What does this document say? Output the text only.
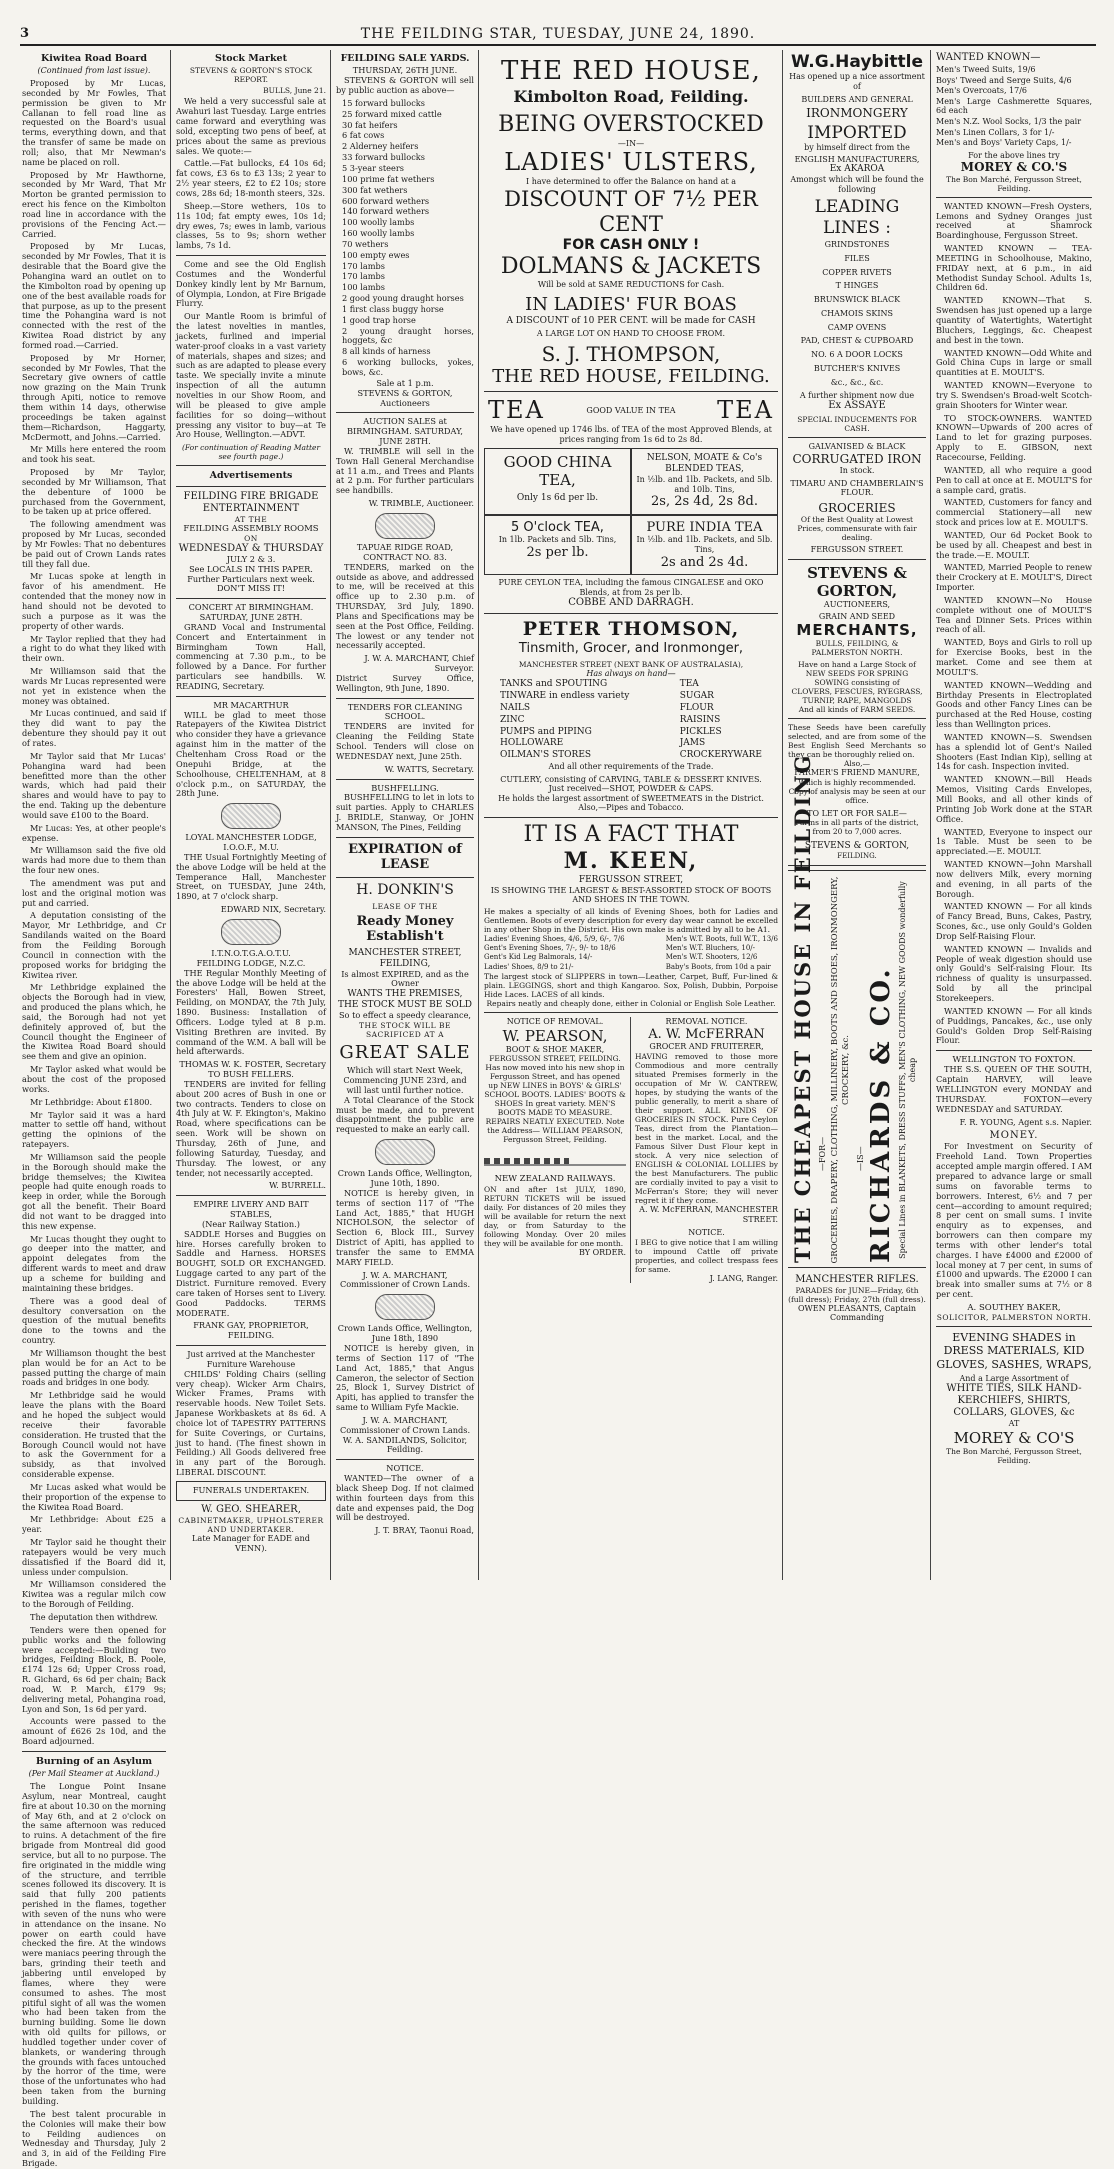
3	THE FEILDING STAR, TUESDAY, JUNE 24, 1890.
Kiwitea Road Board
(Continued from last issue).
Proposed by Mr Lucas, seconded by Mr Fowles, That permission be given to Mr Callanan to fell road line as requested on the Board's usual terms, everything down, and that the transfer of same be made on roll; also, that Mr Newman's name be placed on roll.
Proposed by Mr Hawthorne, seconded by Mr Ward, That Mr Morton be granted permission to erect his fence on the Kimbolton road line in accordance with the provisions of the Fencing Act.—Carried.
Proposed by Mr Lucas, seconded by Mr Fowles, That it is desirable that the Board give the Pohangina ward an outlet on to the Kimbolton road by opening up one of the best available roads for that purpose, as up to the present time the Pohangina ward is not connected with the rest of the Kiwitea Road district by any formed road.—Carried.
Proposed by Mr Horner, seconded by Mr Fowles, That the Secretary give owners of cattle now grazing on the Main Trunk through Apiti, notice to remove them within 14 days, otherwise proceedings be taken against them—Richardson, Haggarty, McDermott, and Johns.—Carried.
Mr Mills here entered the room and took his seat.
Proposed by Mr Taylor, seconded by Mr Williamson, That the debenture of 1000 be purchased from the Government, to be taken up at price offered.
The following amendment was proposed by Mr Lucas, seconded by Mr Fowles: That no debentures be paid out of Crown Lands rates till they fall due.
Mr Lucas spoke at length in favor of his amendment. He contended that the money now in hand should not be devoted to such a purpose as it was the property of other wards.
Mr Taylor replied that they had a right to do what they liked with their own.
Mr Williamson said that the wards Mr Lucas represented were not yet in existence when the money was obtained.
Mr Lucas continued, and said if they did want to pay the debenture they should pay it out of rates.
Mr Taylor said that Mr Lucas' Pohangina ward had been benefitted more than the other wards, which had paid their shares and would have to pay to the end. Taking up the debenture would save £100 to the Board.
Mr Lucas: Yes, at other people's expense.
Mr Williamson said the five old wards had more due to them than the four new ones.
The amendment was put and lost and the original motion was put and carried.
A deputation consisting of the Mayor, Mr Lethbridge, and Cr Sandilands waited on the Board from the Feilding Borough Council in connection with the proposed works for bridging the Kiwitea river.
Mr Lethbridge explained the objects the Borough had in view, and produced the plans which, he said, the Borough had not yet definitely approved of, but the Council thought the Engineer of the Kiwitea Road Board should see them and give an opinion.
Mr Taylor asked what would be about the cost of the proposed works.
Mr Lethbridge: About £1800.
Mr Taylor said it was a hard matter to settle off hand, without getting the opinions of the ratepayers.
Mr Williamson said the people in the Borough should make the bridge themselves; the Kiwitea people had quite enough roads to keep in order, while the Borough got all the benefit. Their Board did not want to be dragged into this new expense.
Mr Lucas thought they ought to go deeper into the matter, and appoint delegates from the different wards to meet and draw up a scheme for building and maintaining these bridges.
There was a good deal of desultory conversation on the question of the mutual benefits done to the towns and the country.
Mr Williamson thought the best plan would be for an Act to be passed putting the charge of main roads and bridges in one body.
Mr Lethbridge said he would leave the plans with the Board and he hoped the subject would receive their favorable consideration. He trusted that the Borough Council would not have to ask the Government for a subsidy, as that involved considerable expense.
Mr Lucas asked what would be their proportion of the expense to the Kiwitea Road Board.
Mr Lethbridge: About £25 a year.
Mr Taylor said he thought their ratepayers would be very much dissatisfied if the Board did it, unless under compulsion.
Mr Williamson considered the Kiwitea was a regular milch cow to the Borough of Feilding.
The deputation then withdrew.
Tenders were then opened for public works and the following were accepted:—Building two bridges, Feilding Block, B. Poole, £174 12s 6d; Upper Cross road, R. Gichard, 6s 6d per chain; Back road, W. P. March, £179 9s; delivering metal, Pohangina road, Lyon and Son, 1s 6d per yard.
Accounts were passed to the amount of £626 2s 10d, and the Board adjourned.
Burning of an Asylum
(Per Mail Steamer at Auckland.)
The Longue Point Insane Asylum, near Montreal, caught fire at about 10.30 on the morning of May 6th, and at 2 o'clock on the same afternoon was reduced to ruins. A detachment of the fire brigade from Montreal did good service, but all to no purpose. The fire originated in the middle wing of the structure, and terrible scenes followed its discovery. It is said that fully 200 patients perished in the flames, together with seven of the nuns who were in attendance on the insane. No power on earth could have checked the fire. At the windows were maniacs peering through the bars, grinding their teeth and jabbering until enveloped by flames, where they were consumed to ashes. The most pitiful sight of all was the women who had been taken from the burning building. Some lie down with old quilts for pillows, or huddled together under cover of blankets, or wandering through the grounds with faces untouched by the horror of the time, were those of the unfortunates who had been taken from the burning building.
The best talent procurable in the Colonies will make their bow to Feilding audiences on Wednesday and Thursday, July 2 and 3, in aid of the Feilding Fire Brigade.
Stock Market
STEVENS & GORTON'S STOCK REPORT.
BULLS, June 21.
We held a very successful sale at Awahuri last Tuesday. Large entries came forward and everything was sold, excepting two pens of beef, at prices about the same as previous sales. We quote:—
Cattle.—Fat bullocks, £4 10s 6d; fat cows, £3 6s to £3 13s; 2 year to 2½ year steers, £2 to £2 10s; store cows, 28s 6d; 18-month steers, 32s.
Sheep.—Store wethers, 10s to 11s 10d; fat empty ewes, 10s 1d; dry ewes, 7s; ewes in lamb, various classes, 5s to 9s; shorn wether lambs, 7s 1d.
Come and see the Old English Costumes and the Wonderful Donkey kindly lent by Mr Barnum, of Olympia, London, at Fire Brigade Flurry.
Our Mantle Room is brimful of the latest novelties in mantles, jackets, furlined and imperial water-proof cloaks in a vast variety of materials, shapes and sizes; and such as are adapted to please every taste. We specially invite a minute inspection of all the autumn novelties in our Show Room, and will be pleased to give ample facilities for so doing—without pressing any visitor to buy—at Te Aro House, Wellington.—ADVT.
(For continuation of Reading Matter see fourth page.)
Advertisements
FEILDING FIRE BRIGADE ENTERTAINMENT
AT THE
FEILDING ASSEMBLY ROOMS
ON
WEDNESDAY & THURSDAY
JULY 2 & 3.
See LOCALS IN THIS PAPER.
Further Particulars next week.
DON'T MISS IT!
CONCERT AT BIRMINGHAM. SATURDAY, JUNE 28TH.
GRAND Vocal and Instrumental Concert and Entertainment in Birmingham Town Hall, commencing at 7.30 p.m., to be followed by a Dance. For further particulars see handbills. W. READING, Secretary.
MR MACARTHUR
WILL be glad to meet those Ratepayers of the Kiwitea District who consider they have a grievance against him in the matter of the Cheltenham Cross Road or the Onepuhi Bridge, at the Schoolhouse, CHELTENHAM, at 8 o'clock p.m., on SATURDAY, the 28th June.
LOYAL MANCHESTER LODGE, I.O.O.F., M.U.
THE Usual Fortnightly Meeting of the above Lodge will be held at the Temperance Hall, Manchester Street, on TUESDAY, June 24th, 1890, at 7 o'clock sharp.
EDWARD NIX, Secretary.
I.T.N.O.T.G.A.O.T.U.
FEILDING LODGE, N.Z.C.
THE Regular Monthly Meeting of the above Lodge will be held at the Foresters' Hall, Bowen Street, Feilding, on MONDAY, the 7th July, 1890. Business: Installation of Officers. Lodge tyled at 8 p.m. Visiting Brethren are invited. By command of the W.M. A ball will be held afterwards.
THOMAS W. K. FOSTER, Secretary
TO BUSH FELLERS.
TENDERS are invited for felling about 200 acres of Bush in one or two contracts. Tenders to close on 4th July at W. F. Ekington's, Makino Road, where specifications can be seen. Work will be shown on Thursday, 26th of June, and following Saturday, Tuesday, and Thursday. The lowest, or any tender, not necessarily accepted.
W. BURRELL.
EMPIRE LIVERY AND BAIT STABLES,
(Near Railway Station.)
SADDLE Horses and Buggies on hire. Horses carefully broken to Saddle and Harness. HORSES BOUGHT, SOLD OR EXCHANGED. Luggage carted to any part of the District. Furniture removed. Every care taken of Horses sent to Livery. Good Paddocks. TERMS MODERATE.
FRANK GAY, PROPRIETOR, FEILDING.
Just arrived at the Manchester Furniture Warehouse
CHILDS' Folding Chairs (selling very cheap). Wicker Arm Chairs, Wicker Frames, Prams with reservable hoods. New Toilet Sets. Japanese Workbaskets at 8s 6d. A choice lot of TAPESTRY PATTERNS for Suite Coverings, or Curtains, just to hand. (The finest shown in Feilding.) All Goods delivered free in any part of the Borough. LIBERAL DISCOUNT.
FUNERALS UNDERTAKEN.
W. GEO. SHEARER,
CABINETMAKER, UPHOLSTERER AND UNDERTAKER.
Late Manager for EADE and VENN).
FEILDING SALE YARDS.
THURSDAY, 26TH JUNE.
STEVENS & GORTON will sell by public auction as above—
15 forward bullocks
25 forward mixed cattle
30 fat heifers
6 fat cows
2 Alderney heifers
33 forward bullocks
5 3-year steers
100 prime fat wethers
300 fat wethers
600 forward wethers
140 forward wethers
100 woolly lambs
160 woolly lambs
70 wethers
100 empty ewes
170 lambs
170 lambs
100 lambs
2 good young draught horses
1 first class buggy horse
1 good trap horse
2 young draught horses, hoggets, &c
8 all kinds of harness
6 working bullocks, yokes, bows, &c.
Sale at 1 p.m.
STEVENS & GORTON, Auctioneers
AUCTION SALES at BIRMINGHAM. SATURDAY, JUNE 28TH.
W. TRIMBLE will sell in the Town Hall General Merchandise at 11 a.m., and Trees and Plants at 2 p.m. For further particulars see handbills.
W. TRIMBLE, Auctioneer.
TAPUAE RIDGE ROAD, CONTRACT NO. 83.
TENDERS, marked on the outside as above, and addressed to me, will be received at this office up to 2.30 p.m. of THURSDAY, 3rd July, 1890. Plans and Specifications may be seen at the Post Office, Feilding. The lowest or any tender not necessarily accepted.
J. W. A. MARCHANT, Chief Surveyor.
District Survey Office, Wellington, 9th June, 1890.
TENDERS FOR CLEANING SCHOOL.
TENDERS are invited for Cleaning the Feilding State School. Tenders will close on WEDNESDAY next, June 25th.
W. WATTS, Secretary.
BUSHFELLING.
BUSHFELLING to let in lots to suit parties. Apply to CHARLES J. BRIDLE, Stanway, Or JOHN MANSON, The Pines, Feilding
EXPIRATION of LEASE
H. DONKIN'S
LEASE OF THE
Ready Money Establish't
MANCHESTER STREET,
FEILDING,
Is almost EXPIRED, and as the Owner
WANTS THE PREMISES,
THE STOCK MUST BE SOLD
So to effect a speedy clearance,
THE STOCK WILL BE SACRIFICED AT A
GREAT SALE
Which will start Next Week,
Commencing JUNE 23rd, and will last until further notice.
A Total Clearance of the Stock must be made, and to prevent disappointment the public are requested to make an early call.
Crown Lands Office, Wellington, June 10th, 1890.
NOTICE is hereby given, in terms of section 117 of "The Land Act, 1885," that HUGH NICHOLSON, the selector of Section 6, Block III., Survey District of Apiti, has applied to transfer the same to EMMA MARY FIELD.
J. W. A. MARCHANT, Commissioner of Crown Lands.
Crown Lands Office, Wellington, June 18th, 1890
NOTICE is hereby given, in terms of Section 117 of "The Land Act, 1885," that Angus Cameron, the selector of Section 25, Block 1, Survey District of Apiti, has applied to transfer the same to William Fyfe Mackie.
J. W. A. MARCHANT, Commissioner of Crown Lands. W. A. SANDILANDS, Solicitor, Feilding.
NOTICE.
WANTED—The owner of a black Sheep Dog. If not claimed within fourteen days from this date and expenses paid, the Dog will be destroyed.
J. T. BRAY, Taonui Road,
THE RED HOUSE,
Kimbolton Road, Feilding.
BEING OVERSTOCKED
—IN—
LADIES' ULSTERS,
I have determined to offer the Balance on hand at a
DISCOUNT OF 7½ PER CENT
FOR CASH ONLY !
DOLMANS & JACKETS
Will be sold at SAME REDUCTIONS for Cash.
IN LADIES' FUR BOAS
A DISCOUNT of 10 PER CENT. will be made for CASH
A LARGE LOT ON HAND TO CHOOSE FROM.
S. J. THOMPSON,
THE RED HOUSE, FEILDING.
TEA	GOOD VALUE IN TEA TEA
We have opened up 1746 lbs. of TEA of the most Approved Blends, at prices ranging from 1s 6d to 2s 8d.
GOOD CHINA TEA,
Only 1s 6d per lb.
NELSON, MOATE & Co's BLENDED TEAS,
In ½lb. and 1lb. Packets, and 5lb. and 10lb. Tins,
2s, 2s 4d, 2s 8d.
5 O'clock TEA,
In 1lb. Packets and 5lb. Tins,
2s per lb.
PURE INDIA TEA
In ½lb. and 1lb. Packets, and 5lb. Tins,
2s and 2s 4d.
PURE CEYLON TEA, including the famous CINGALESE and OKO Blends, at from 2s per lb.
COBBE AND DARRAGH.
PETER THOMSON,
Tinsmith, Grocer, and Ironmonger,
MANCHESTER STREET (NEXT BANK OF AUSTRALASIA),
Has always on hand—
TANKS and SPOUTING
TINWARE in endless variety
NAILS
ZINC
PUMPS and PIPING
HOLLOWARE
OILMAN'S STORES
TEA
SUGAR
FLOUR
RAISINS
PICKLES
JAMS
CROCKERYWARE
And all other requirements of the Trade.
CUTLERY, consisting of CARVING, TABLE & DESSERT KNIVES.
Just received—SHOT, POWDER & CAPS.
He holds the largest assortment of SWEETMEATS in the District.
Also,—Pipes and Tobacco.
IT IS A FACT THAT
M. KEEN,
FERGUSSON STREET,
IS SHOWING THE LARGEST & BEST-ASSORTED STOCK OF BOOTS AND SHOES IN THE TOWN.
He makes a specialty of all kinds of Evening Shoes, both for Ladies and Gentlemen. Boots of every description for every day wear cannot be excelled in any other Shop in the District. His own make is admitted by all to be A1.
Ladies' Evening Shoes, 4/6, 5/9, 6/-, 7/6
Gent's Evening Shoes, 7/-, 9/- to 18/6
Gent's Kid Leg Balmorals, 14/-
Ladies' Shoes, 8/9 to 21/-
Men's W.T. Boots, full W.T., 13/6
Men's W.T. Bluchers, 10/-
Men's W.T. Shooters, 12/6
Baby's Boots, from 10d a pair
The largest stock of SLIPPERS in town—Leather, Carpet, Buff, Fur-lined & plain. LEGGINGS, short and thigh Kangaroo. Sox, Polish, Dubbin, Porpoise Hide Laces. LACES of all kinds.
Repairs neatly and cheaply done, either in Colonial or English Sole Leather.
NOTICE OF REMOVAL.
W. PEARSON,
BOOT & SHOE MAKER,
FERGUSSON STREET, FEILDING. Has now moved into his new shop in Fergusson Street, and has opened up NEW LINES in BOYS' & GIRLS' SCHOOL BOOTS. LADIES' BOOTS & SHOES In great variety. MEN'S BOOTS MADE TO MEASURE. REPAIRS NEATLY EXECUTED. Note the Address— WILLIAM PEARSON, Fergusson Street, Feilding.
NEW ZEALAND RAILWAYS.
ON and after 1st JULY, 1890, RETURN TICKETS will be issued daily. For distances of 20 miles they will be available for return the next day, or from Saturday to the following Monday. Over 20 miles they will be available for one month.
BY ORDER.
REMOVAL NOTICE.
A. W. McFERRAN
GROCER AND FRUITERER,
HAVING removed to those more Commodious and more centrally situated Premises formerly in the occupation of Mr W. CANTREW, hopes, by studying the wants of the public generally, to merit a share of their support. ALL KINDS OF GROCERIES IN STOCK. Pure Ceylon Teas, direct from the Plantation—best in the market. Local, and the Famous Silver Dust Flour kept in stock. A very nice selection of ENGLISH & COLONIAL LOLLIES by the best Manufacturers. The public are cordially invited to pay a visit to McFerran's Store; they will never regret it if they come.
A. W. McFERRAN, MANCHESTER STREET.
NOTICE.
I BEG to give notice that I am willing to impound Cattle off private properties, and collect trespass fees for same.
J. LANG, Ranger.
W.G.Haybittle
Has opened up a nice assortment of
BUILDERS AND GENERAL
IRONMONGERY
IMPORTED
by himself direct from the
ENGLISH MANUFACTURERS,
Ex AKAROA
Amongst which will be found the following
LEADING LINES :
GRINDSTONES
FILES
COPPER RIVETS
T HINGES
BRUNSWICK BLACK
CHAMOIS SKINS
CAMP OVENS
PAD, CHEST & CUPBOARD
NO. 6 A DOOR LOCKS
BUTCHER'S KNIVES
&c., &c., &c.
A further shipment now due
Ex ASSAYE
SPECIAL INDUCEMENTS FOR CASH.
GALVANISED & BLACK
CORRUGATED IRON
In stock.
TIMARU AND CHAMBERLAIN'S FLOUR.
GROCERIES
Of the Best Quality at Lowest Prices, commensurate with fair dealing.
FERGUSSON STREET.
STEVENS & GORTON,
AUCTIONEERS,
GRAIN AND SEED
MERCHANTS,
BULLS, FEILDING, & PALMERSTON NORTH.
Have on hand a Large Stock of NEW SEEDS FOR SPRING SOWING consisting of
CLOVERS, FESCUES, RYEGRASS, TURNIP, RAPE, MANGOLDS
And all kinds of FARM SEEDS.
These Seeds have been carefully selected, and are from some of the Best English Seed Merchants so they can be thoroughly relied on.
Also,—
FARMER'S FRIEND MANURE,
Which is highly recommended. Copy of analysis may be seen at our office.
TO LET OR FOR SALE—
Farms in all parts of the district, from 20 to 7,000 acres.
STEVENS & GORTON,
FEILDING.
THE CHEAPEST HOUSE IN FEILDING —FOR— GROCERIES, DRAPERY, CLOTHING, MILLINERY, BOOTS AND SHOES, IRONMONGERY, CROCKERY, &c.
—IS— RICHARDS & CO. Special Lines in BLANKETS, DRESS STUFFS, MEN'S CLOTHING, NEW GOODS wonderfully cheap
MANCHESTER RIFLES.
PARADES for JUNE—Friday, 6th (full dress); Friday, 27th (full dress).
OWEN PLEASANTS, Captain Commanding
WANTED KNOWN—
Men's Tweed Suits, 19/6
Boys' Tweed and Serge Suits, 4/6
Men's Overcoats, 17/6
Men's Large Cashmerette Squares, 6d each
Men's N.Z. Wool Socks, 1/3 the pair
Men's Linen Collars, 3 for 1/-
Men's and Boys' Variety Caps, 1/-
For the above lines try
MOREY & CO.'S
The Bon Marché, Fergusson Street, Feilding.
WANTED KNOWN—Fresh Oysters, Lemons and Sydney Oranges just received at Shamrock Boardinghouse, Fergusson Street.
WANTED KNOWN — TEA-MEETING in Schoolhouse, Makino, FRIDAY next, at 6 p.m., in aid Methodist Sunday School. Adults 1s, Children 6d.
WANTED KNOWN—That S. Swendsen has just opened up a large quantity of Watertights, Watertight Bluchers, Leggings, &c. Cheapest and best in the town.
WANTED KNOWN—Odd White and Gold China Cups in large or small quantities at E. MOULT'S.
WANTED KNOWN—Everyone to try S. Swendsen's Broad-welt Scotch-grain Shooters for Winter wear.
TO STOCK-OWNERS. WANTED KNOWN—Upwards of 200 acres of Land to let for grazing purposes. Apply to E. GIBSON, next Racecourse, Feilding.
WANTED, all who require a good Pen to call at once at E. MOULT'S for a sample card, gratis.
WANTED, Customers for fancy and commercial Stationery—all new stock and prices low at E. MOULT'S.
WANTED, Our 6d Pocket Book to be used by all. Cheapest and best in the trade.—E. MOULT.
WANTED, Married People to renew their Crockery at E. MOULT'S, Direct Importer.
WANTED KNOWN—No House complete without one of MOULT'S Tea and Dinner Sets. Prices within reach of all.
WANTED, Boys and Girls to roll up for Exercise Books, best in the market. Come and see them at MOULT'S.
WANTED KNOWN—Wedding and Birthday Presents in Electroplated Goods and other Fancy Lines can be purchased at the Red House, costing less than Wellington prices.
WANTED KNOWN—S. Swendsen has a splendid lot of Gent's Nailed Shooters (East Indian Kip), selling at 14s for cash. Inspection invited.
WANTED KNOWN.—Bill Heads Memos, Visiting Cards Envelopes, Mill Books, and all other kinds of Printing Job Work done at the STAR Office.
WANTED, Everyone to inspect our 1s Table. Must be seen to be appreciated.—E. MOULT.
WANTED KNOWN—John Marshall now delivers Milk, every morning and evening, in all parts of the Borough.
WANTED KNOWN — For all kinds of Fancy Bread, Buns, Cakes, Pastry, Scones, &c., use only Gould's Golden Drop Self-Raising Flour.
WANTED KNOWN — Invalids and People of weak digestion should use only Gould's Self-raising Flour. Its richness of quality is unsurpassed. Sold by all the principal Storekeepers.
WANTED KNOWN — For all kinds of Puddings, Pancakes, &c., use only Gould's Golden Drop Self-Raising Flour.
WELLINGTON TO FOXTON.
THE S.S. QUEEN OF THE SOUTH, Captain HARVEY, will leave WELLINGTON every MONDAY and THURSDAY. FOXTON—every WEDNESDAY and SATURDAY.
F. R. YOUNG, Agent s.s. Napier.
MONEY.
For Investment on Security of Freehold Land. Town Properties accepted ample margin offered. I AM prepared to advance large or small sums on favorable terms to borrowers. Interest, 6½ and 7 per cent—according to amount required; 8 per cent on small sums. I invite enquiry as to expenses, and borrowers can then compare my terms with other lender's total charges. I have £4000 and £2000 of local money at 7 per cent, in sums of £1000 and upwards. The £2000 I can break into smaller sums at 7½ or 8 per cent.
A. SOUTHEY BAKER,
SOLICITOR, PALMERSTON NORTH.
EVENING SHADES in
DRESS MATERIALS, KID GLOVES, SASHES, WRAPS,
And a Large Assortment of
WHITE TIES, SILK HAND-KERCHIEFS, SHIRTS, COLLARS, GLOVES, &c
AT
MOREY & CO'S
The Bon Marché, Fergusson Street, Feilding.
